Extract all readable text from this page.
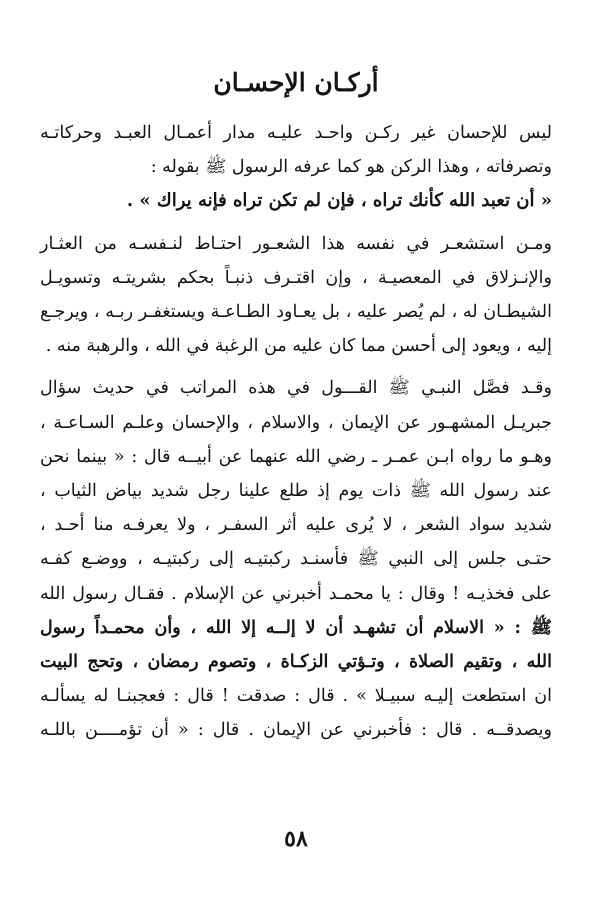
أركـان الإحسـان

ليس للإحسان غير ركـن واحـد عليـه مدار أعمـال العبـد وحركاتـه
وتصرفاته ، وهذا الركن هو كما عرفه الرسول ﷺ بقوله :

« أن تعبد الله كأنك تراه ، فإن لم تكن تراه فإنه يراك » .

ومـن استشعـر في نفسه هذا الشعـور احتـاط لنـفسـه من العثـار
والإنـزلاق في المعصيـة ، وإن اقتـرف ذنبـاً بحكم بشريتـه وتسويـل
الشيطـان له ، لم يُصر عليه ، بل يعـاود الطـاعـة ويستغفـر ربـه ، ويرجـع
إليه ، ويعود إلى أحسن مما كان عليه من الرغبة في الله ، والرهبة منه .

وقـد فصَّل النبـي ﷺ القـــول في هذه المراتب في حديث سؤال
جبريـل المشهـور عن الإيمان ، والاسلام ، والإحسان وعلـم السـاعـة ،
وهـو ما رواه ابـن عمـر ـ رضي الله عنهما عن أبيــه قال : « بينما نحن
عند رسول الله ﷺ ذات يوم إذ طلع علينا رجل شديد بياض الثياب ،
شديد سواد الشعر ، لا يُرى عليه أثر السفـر ، ولا يعرفـه منا أحـد ،
حتـى جلس إلى النبي ﷺ فأسنـد ركبتيـه إلى ركبتيـه ، ووضـع كفـه
على فخذيـه ! وقال : يا محمـد أخبرني عن الإسلام . فقـال رسول الله
ﷺ : « الاسلام أن تشهـد أن لا إلــه إلا الله ، وأن محمـداً رسول
الله ، وتقيم الصلاة ، وتـؤتي الزكـاة ، وتصوم رمضان ، وتحج البيت
ان استطعت إليـه سبيـلا » . قال : صدقت ! قال : فعجبنـا له يسألـه
ويصدقــه . قال : فأخبرني عن الإيمان . قال : « أن تؤمــــن باللـه

٥٨
